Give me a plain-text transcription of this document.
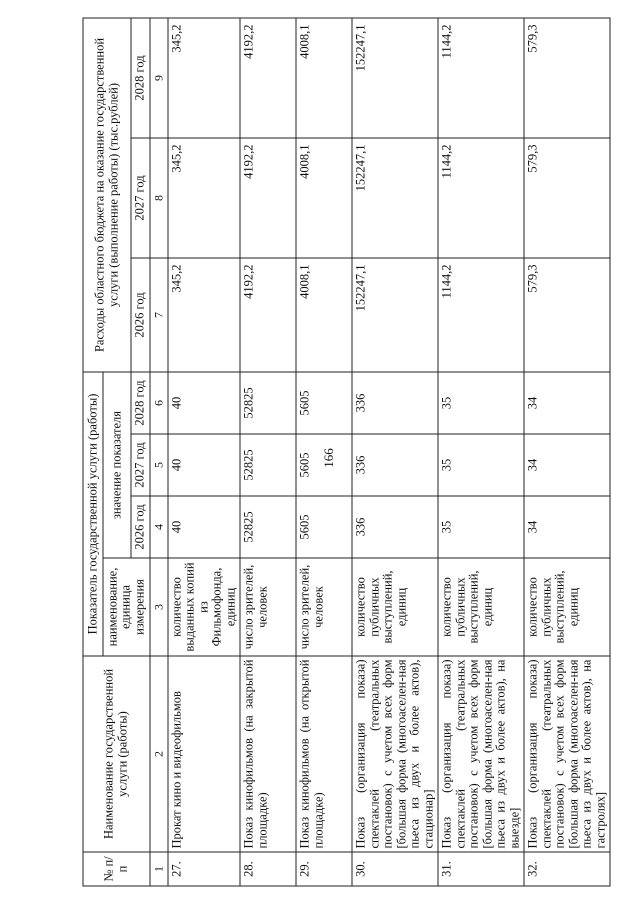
166

№ п/п	Наименование государственной услуги (работы)	Показатель государственной услуги (работы)				Расходы областного бюджета на оказание государственной услуги (выполнение работы) (тыс.рублей)		
		наименование, единица измерения	значение показателя					
			2026 год	2027 год	2028 год	2026 год	2027 год	2028 год
1	2	3	4	5	6	7	8	9
27.	Прокат кино и видеофильмов	количество выданных копий из Фильмофонда, единиц	40	40	40	345,2	345,2	345,2
28.	Показ кинофильмов (на закрытой площадке)	число зрителей, человек	52825	52825	52825	4192,2	4192,2	4192,2
29.	Показ кинофильмов (на открытой площадке)	число зрителей, человек	5605	5605	5605	4008,1	4008,1	4008,1
30.	Показ (организация показа) спектаклей (театральных постановок) с учетом всех форм [большая форма (многоаселен-ная пьеса из двух и более актов), стационар]	количество публичных выступлений, единиц	336	336	336	152247,1	152247,1	152247,1
31.	Показ (организация показа) спектаклей (театральных постановок) с учетом всех форм [большая форма (многоаселен-ная пьеса из двух и более актов), на выезде]	количество публичных выступлений, единиц	35	35	35	1144,2	1144,2	1144,2
32.	Показ (организация показа) спектаклей (театральных постановок) с учетом всех форм [большая форма (многоаселен-ная пьеса из двух и более актов), на гастролях]	количество публичных выступлений, единиц	34	34	34	579,3	579,3	579,3
